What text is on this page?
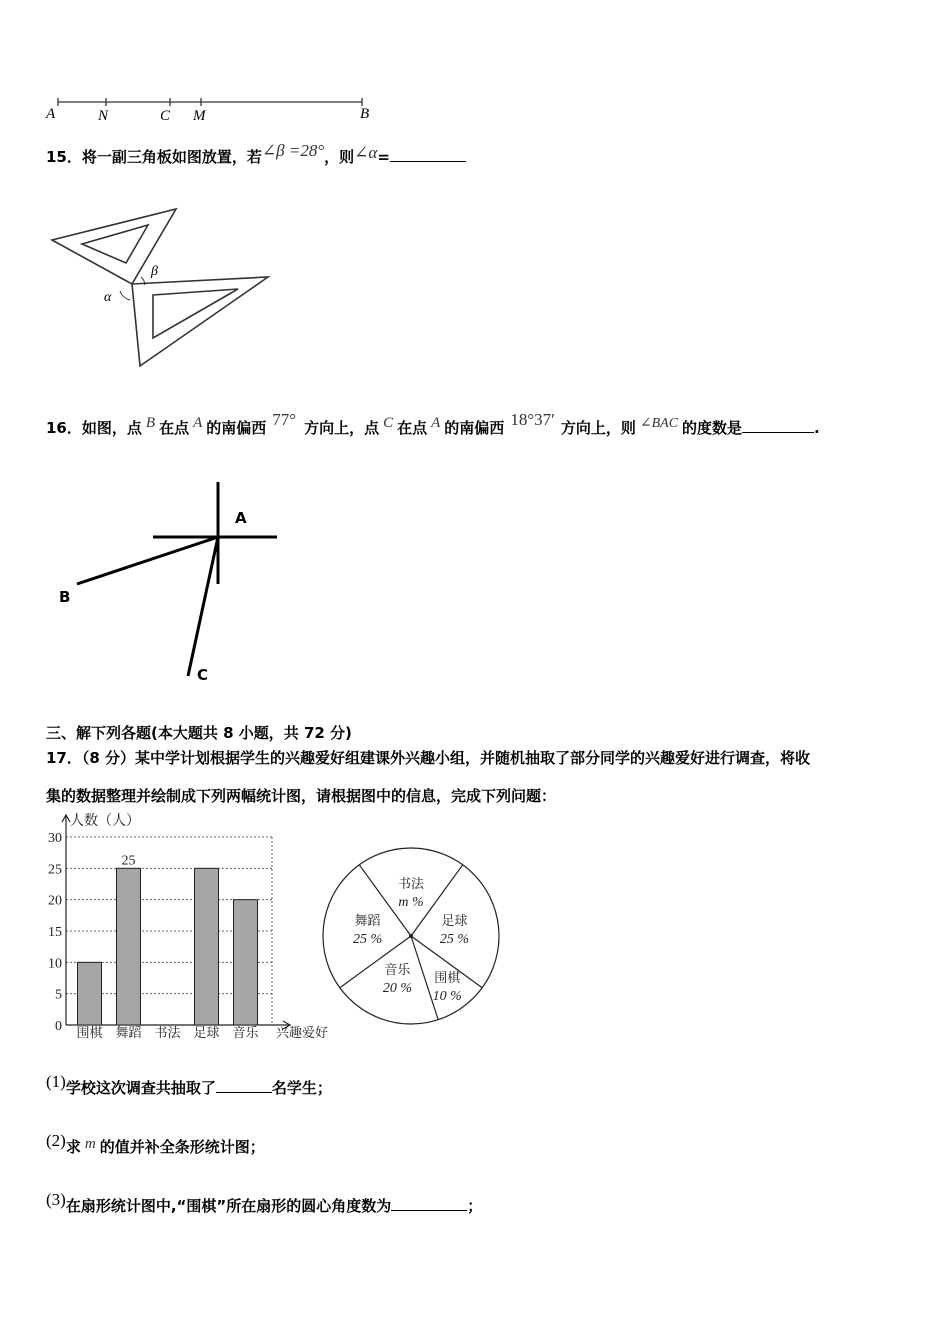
A	N	C M	B
15．将一副三角板如图放置，若∠β =28°，则∠α=
β
α
16．如图，点 B 在点 A 的南偏西 77° 方向上，点 C 在点 A 的南偏西 18°37′ 方向上，则 ∠BAC 的度数是	.
A
B
C
三、解下列各题(本大题共 8 小题，共 72 分)
17．（8 分）某中学计划根据学生的兴趣爱好组建课外兴趣小组，并随机抽取了部分同学的兴趣爱好进行调查，将收
集的数据整理并绘制成下列两幅统计图，请根据图中的信息，完成下列问题：
0
5
10
15
20
25
30
人数（人）
兴趣爱好
围棋 舞蹈
25
书法 足球 音乐
书法
m %
足球
25 %
围棋
10 %
音乐
20 %
舞蹈
25 %
(1)学校这次调查共抽取了	名学生；
(2)求 m 的值并补全条形统计图；
(3)在扇形统计图中,“围棋”所在扇形的圆心角度数为	；
